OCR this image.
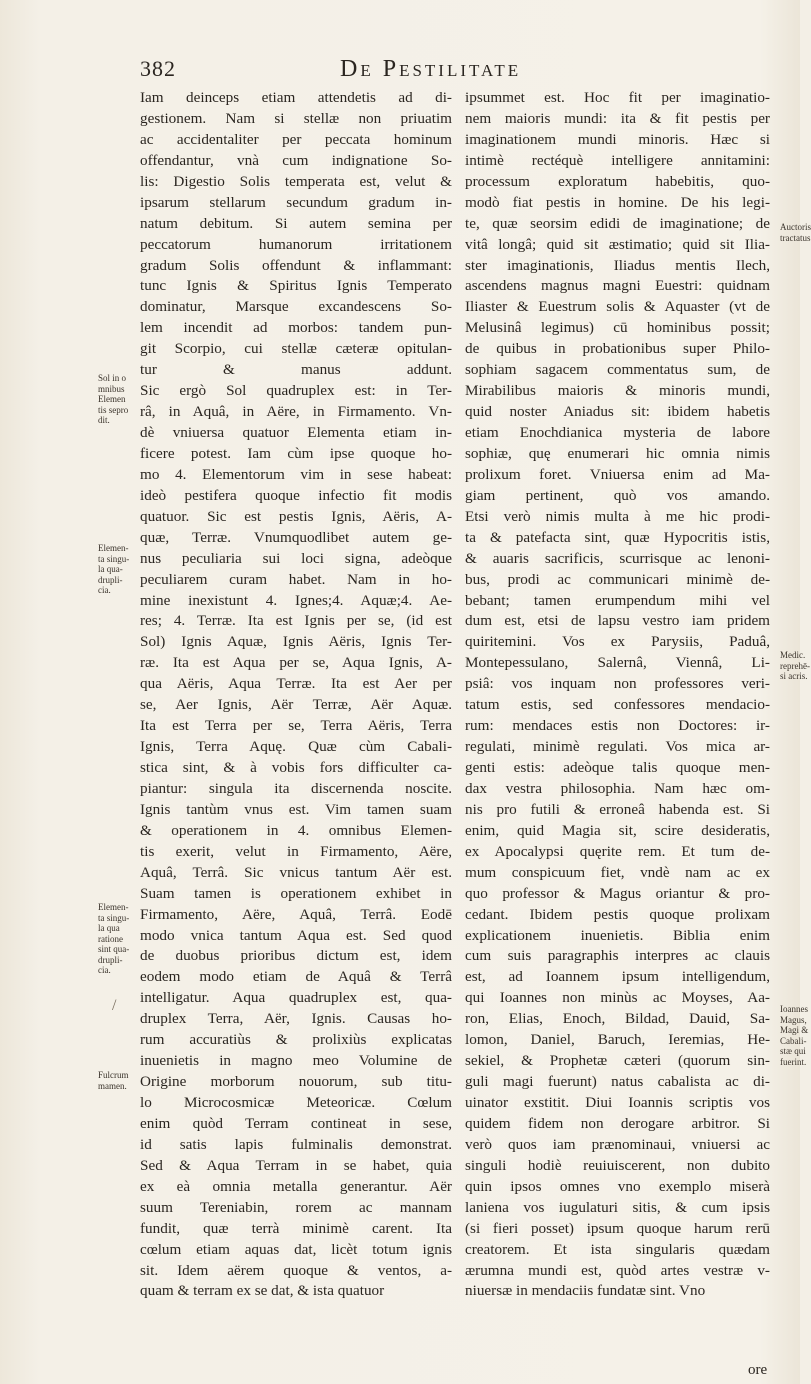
382	De Pestilitate
Iam deinceps etiam attendetis ad di-
gestionem. Nam si stellæ non priuatim
ac accidentaliter per peccata hominum
offendantur, vnà cum indignatione So-
lis: Digestio Solis temperata est, velut &
ipsarum stellarum secundum gradum in-
natum debitum. Si autem semina per
peccatorum humanorum irritationem
gradum Solis offendunt & inflammant:
tunc Ignis & Spiritus Ignis Temperato
dominatur, Marsque excandescens So-
lem incendit ad morbos: tandem pun-
git Scorpio, cui stellæ cæteræ opitulan-
tur & manus addunt.
Sic ergò Sol quadruplex est: in Ter-
râ, in Aquâ, in Aëre, in Firmamento. Vn-
dè vniuersa quatuor Elementa etiam in-
ficere potest. Iam cùm ipse quoque ho-
mo 4. Elementorum vim in sese habeat:
ideò pestifera quoque infectio fit modis
quatuor. Sic est pestis Ignis, Aëris, A-
quæ, Terræ. Vnumquodlibet autem ge-
nus peculiaria sui loci signa, adeòque
peculiarem curam habet. Nam in ho-
mine inexistunt 4. Ignes;4. Aquæ;4. Ae-
res; 4. Terræ. Ita est Ignis per se, (id est
Sol) Ignis Aquæ, Ignis Aëris, Ignis Ter-
ræ. Ita est Aqua per se, Aqua Ignis, A-
qua Aëris, Aqua Terræ. Ita est Aer per
se, Aer Ignis, Aër Terræ, Aër Aquæ.
Ita est Terra per se, Terra Aëris, Terra
Ignis, Terra Aquę. Quæ cùm Cabali-
stica sint, & à vobis fors difficulter ca-
piantur: singula ita discernenda noscite.
Ignis tantùm vnus est. Vim tamen suam
& operationem in 4. omnibus Elemen-
tis exerit, velut in Firmamento, Aëre,
Aquâ, Terrâ. Sic vnicus tantum Aër est.
Suam tamen is operationem exhibet in
Firmamento, Aëre, Aquâ, Terrâ. Eodē
modo vnica tantum Aqua est. Sed quod
de duobus prioribus dictum est, idem
eodem modo etiam de Aquâ & Terrâ
intelligatur. Aqua quadruplex est, qua-
druplex Terra, Aër, Ignis. Causas ho-
rum accuratiùs & prolixiùs explicatas
inuenietis in magno meo Volumine de
Origine morborum nouorum, sub titu-
lo Microcosmicæ Meteoricæ. Cœlum
enim quòd Terram contineat in sese,
id satis lapis fulminalis demonstrat.
Sed & Aqua Terram in se habet, quia
ex eà omnia metalla generantur. Aër
suum Tereniabin, rorem ac mannam
fundit, quæ terrà minimè carent. Ita
cœlum etiam aquas dat, licèt totum ignis
sit. Idem aërem quoque & ventos, a-
quam & terram ex se dat, & ista quatuor
ipsummet est. Hoc fit per imaginatio-
nem maioris mundi: ita & fit pestis per
imaginationem mundi minoris. Hæc si
intimè rectéquè intelligere annitamini:
processum exploratum habebitis, quo-
modò fiat pestis in homine. De his legi-
te, quæ seorsim edidi de imaginatione; de
vitâ longâ; quid sit æstimatio; quid sit Ilia-
ster imaginationis, Iliadus mentis Ilech,
ascendens magnus magni Euestri: quidnam
Iliaster & Euestrum solis & Aquaster (vt de
Melusinâ legimus) cū hominibus possit;
de quibus in probationibus super Philo-
sophiam sagacem commentatus sum, de
Mirabilibus maioris & minoris mundi,
quid noster Aniadus sit: ibidem habetis
etiam Enochdianica mysteria de labore
sophiæ, quę enumerari hic omnia nimis
prolixum foret. Vniuersa enim ad Ma-
giam pertinent, quò vos amando.
Etsi verò nimis multa à me hic prodi-
ta & patefacta sint, quæ Hypocritis istis,
& auaris sacrificis, scurrisque ac lenoni-
bus, prodi ac communicari minimè de-
bebant; tamen erumpendum mihi vel
dum est, etsi de lapsu vestro iam pridem
quiritemini. Vos ex Parysiis, Paduâ,
Montepessulano, Salernâ, Viennâ, Li-
psiâ: vos inquam non professores veri-
tatum estis, sed confessores mendacio-
rum: mendaces estis non Doctores: ir-
regulati, minimè regulati. Vos mica ar-
genti estis: adeòque talis quoque men-
dax vestra philosophia. Nam hæc om-
nis pro futili & erroneâ habenda est. Si
enim, quid Magia sit, scire desideratis,
ex Apocalypsi quęrite rem. Et tum de-
mum conspicuum fiet, vndè nam ac ex
quo professor & Magus oriantur & pro-
cedant. Ibidem pestis quoque prolixam
explicationem inuenietis. Biblia enim
cum suis paragraphis interpres ac clauis
est, ad Ioannem ipsum intelligendum,
qui Ioannes non minùs ac Moyses, Aa-
ron, Elias, Enoch, Bildad, Dauid, Sa-
lomon, Daniel, Baruch, Ieremias, He-
sekiel, & Prophetæ cæteri (quorum sin-
guli magi fuerunt) natus cabalista ac di-
uinator exstitit. Diui Ioannis scriptis vos
quidem fidem non derogare arbitror. Si
verò quos iam prænominaui, vniuersi ac
singuli hodiè reuiuiscerent, non dubito
quin ipsos omnes vno exemplo miserà
laniena vos iugulaturi sitis, & cum ipsis
(si fieri posset) ipsum quoque harum rerū
creatorem. Et ista singularis quædam
ærumna mundi est, quòd artes vestræ v-
niuersæ in mendaciis fundatæ sint. Vno
Sol in o
mnibus
Elemen
tis sepro
dit.
Elemen-
ta singu-
la qua-
drupli-
cia.
Elemen-
ta singu-
la qua
ratione
sint qua-
drupli-
cia.
Fulcrum
mamen.
Auctoris
tractatus
Medic.
reprehē-
si acris.
Ioannes
Magus,
Magi &
Cabali-
stæ qui
fuerint.
/
ore
